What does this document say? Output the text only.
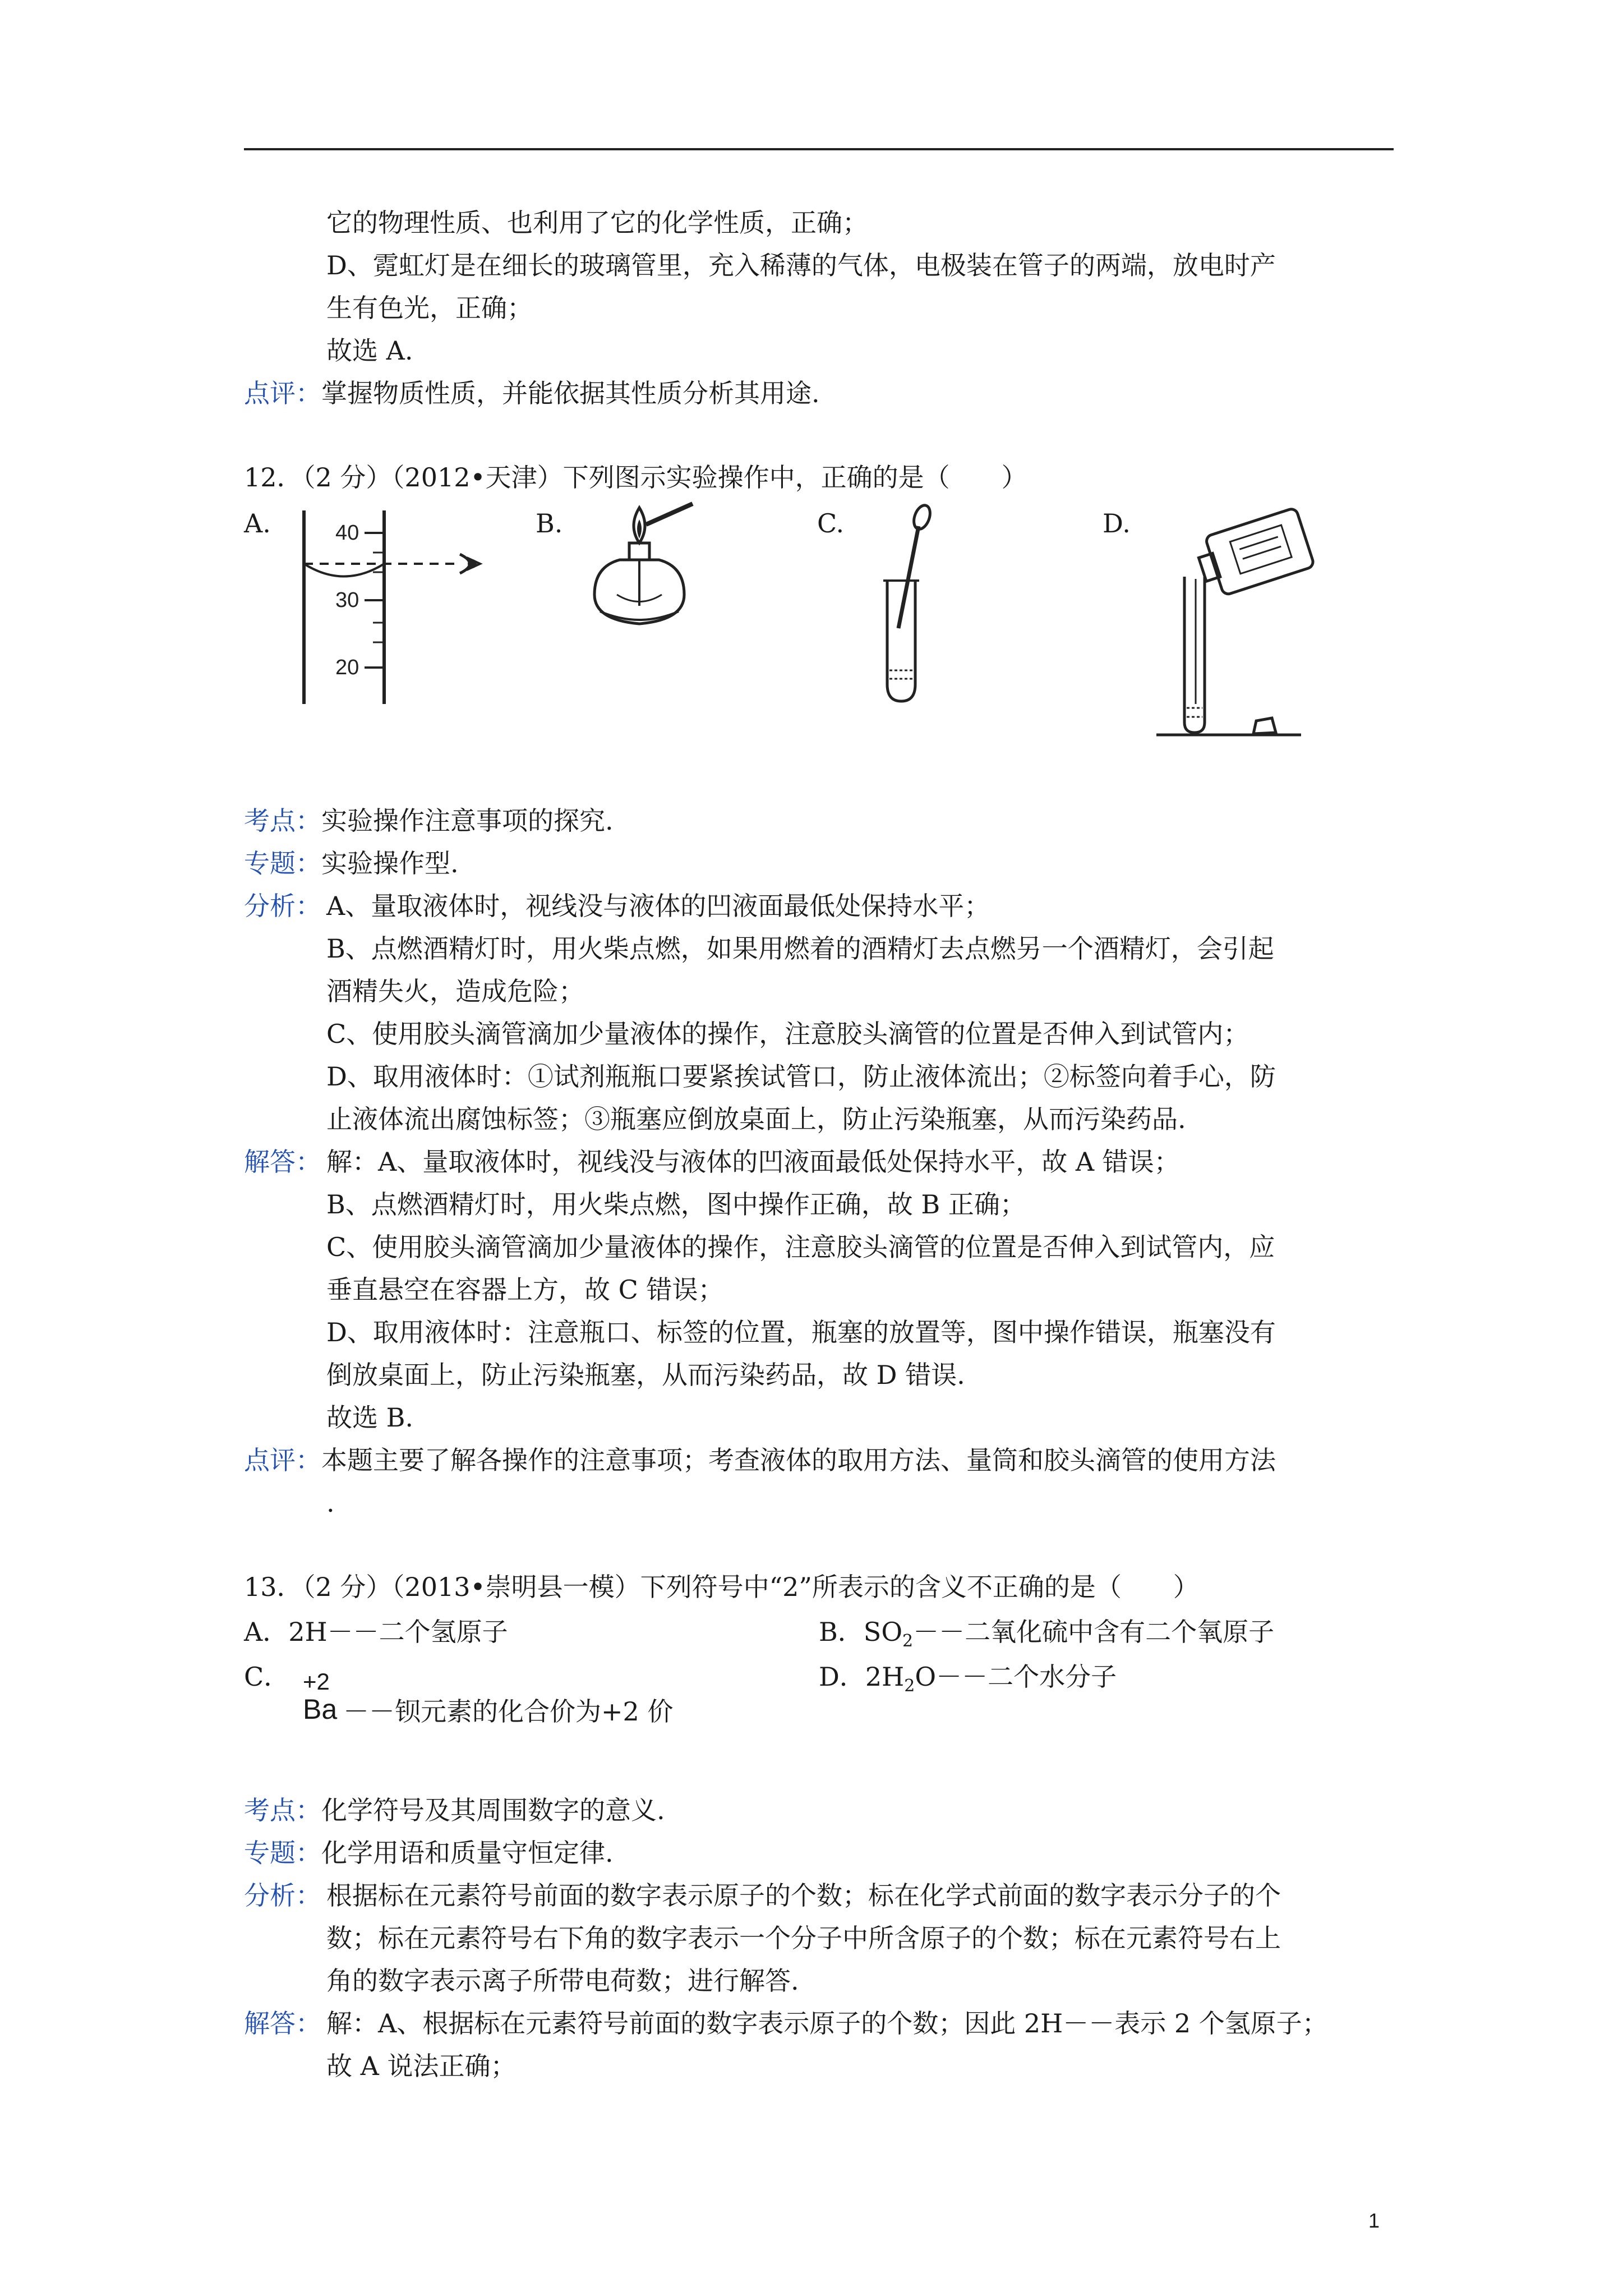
它的物理性质、也利用了它的化学性质，正确；
D、霓虹灯是在细长的玻璃管里，充入稀薄的气体，电极装在管子的两端，放电时产
生有色光，正确；
故选 A.
点评：掌握物质性质，并能依据其性质分析其用途.
12．（2 分）（2012•天津）下列图示实验操作中，正确的是（　　）
A.	B.	C.	D.
40
30
20
考点：实验操作注意事项的探究.
专题：实验操作型.
分析： A、量取液体时，视线没与液体的凹液面最低处保持水平；
B、点燃酒精灯时，用火柴点燃，如果用燃着的酒精灯去点燃另一个酒精灯，会引起
酒精失火，造成危险；
C、使用胶头滴管滴加少量液体的操作，注意胶头滴管的位置是否伸入到试管内；
D、取用液体时：①试剂瓶瓶口要紧挨试管口，防止液体流出；②标签向着手心，防
止液体流出腐蚀标签；③瓶塞应倒放桌面上，防止污染瓶塞，从而污染药品.
解答： 解：A、量取液体时，视线没与液体的凹液面最低处保持水平，故 A 错误；
B、点燃酒精灯时，用火柴点燃，图中操作正确，故 B 正确；
C、使用胶头滴管滴加少量液体的操作，注意胶头滴管的位置是否伸入到试管内，应
垂直悬空在容器上方，故 C 错误；
D、取用液体时：注意瓶口、标签的位置，瓶塞的放置等，图中操作错误，瓶塞没有
倒放桌面上，防止污染瓶塞，从而污染药品，故 D 错误.
故选 B.
点评：本题主要了解各操作的注意事项；考查液体的取用方法、量筒和胶头滴管的使用方法
.
13．（2 分）（2013•崇明县一模）下列符号中“2”所表示的含义不正确的是（　　）
A．2H－－二个氢原子	B．$SO_2--$二氧化硫中含有二个氧原子
C． +2
Ba －－钡元素的化合价为+2 价
D．$2H_2O--$二个水分子
考点：化学符号及其周围数字的意义.
专题：化学用语和质量守恒定律.
分析： 根据标在元素符号前面的数字表示原子的个数；标在化学式前面的数字表示分子的个
数；标在元素符号右下角的数字表示一个分子中所含原子的个数；标在元素符号右上
角的数字表示离子所带电荷数；进行解答.
解答： 解：A、根据标在元素符号前面的数字表示原子的个数；因此 2H－－表示 2 个氢原子；
故 A 说法正确；
1
